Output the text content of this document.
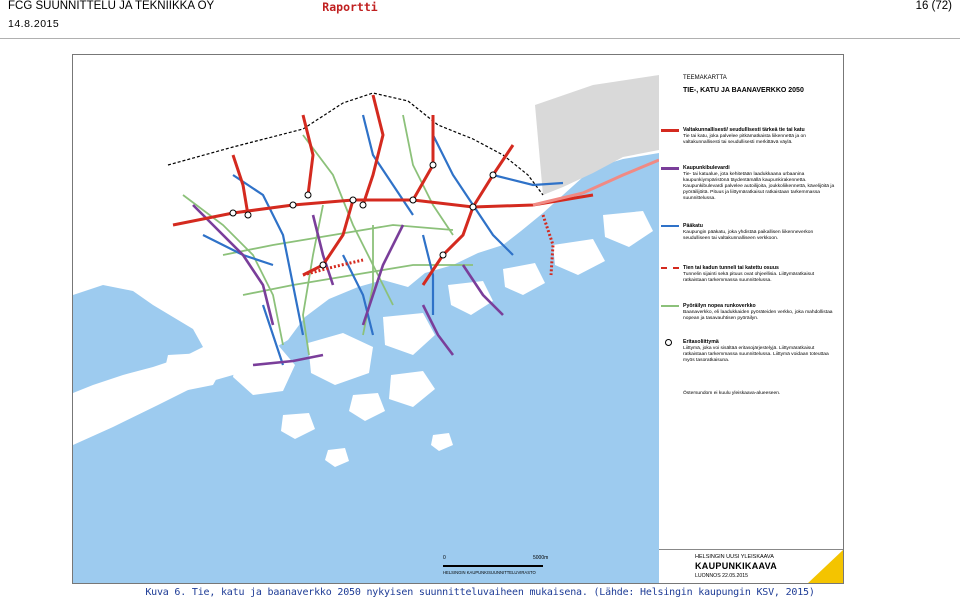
FCG SUUNNITTELU JA TEKNIIKKA OY
14.8.2015
Raportti	16 (72)
TEEMAKARTTA
TIE-, KATU JA BAANAVERKKO 2050
Valtakunnallisesti/ seudullisesti tärkeä tie tai katu
Tie tai katu, joka palvelee pitkämatkaista liikennettä ja on valtakunnallisesti tai seudullisesti merkittävä väylä.
Kaupunkibulevardi
Tie- tai katualue, jota kehitetään laadukkaana urbaanina kaupunkiympäristönä täydentämällä kaupunkirakennetta. Kaupunkibulevardi palvelee autoilijoita, joukkoliikennettä, kävelijöitä ja pyöräilijöitä. Pituus ja liittymäratkaisut ratkaistaan tarkemmassa suunnittelussa.
Pääkatu
Kaupungin pääkatu, joka yhdistää paikallisen liikenneverkon seudulliseen tai valtakunnalliseen verkkoon.
Tien tai kadun tunneli tai katettu osuus
Tunnelin sijainti sekä pituus ovat ohjeellisia. Liittymäratkaisut ratkaistaan tarkemmassa suunnittelussa.
Pyöräilyn nopea runkoverkko
Baanaverkko, eli laadukkaiden pyöräteiden verkko, joka mahdollistaa nopean ja tasavauhtisen pyöräilyn.
Eritasoliittymä
Liittymä, joka voi sisältää eritasojärjestelyjä. Liittymäratkaisut ratkaistaan tarkemmassa suunnittelussa. Liittymä voidaan toteuttaa myös tasoratkaisuna.
Östersundom ei kuulu yleiskaava-alueeseen.
0	5000m
HELSINGIN KAUPUNKISUUNNITTELUVIRASTO
HELSINGIN UUSI YLEISKAAVA
KAUPUNKIKAAVA
LUONNOS 22.05.2015
Kuva 6. Tie, katu ja baanaverkko 2050 nykyisen suunnitteluvaiheen mukaisena. (Lähde: Helsingin kaupungin KSV, 2015)
